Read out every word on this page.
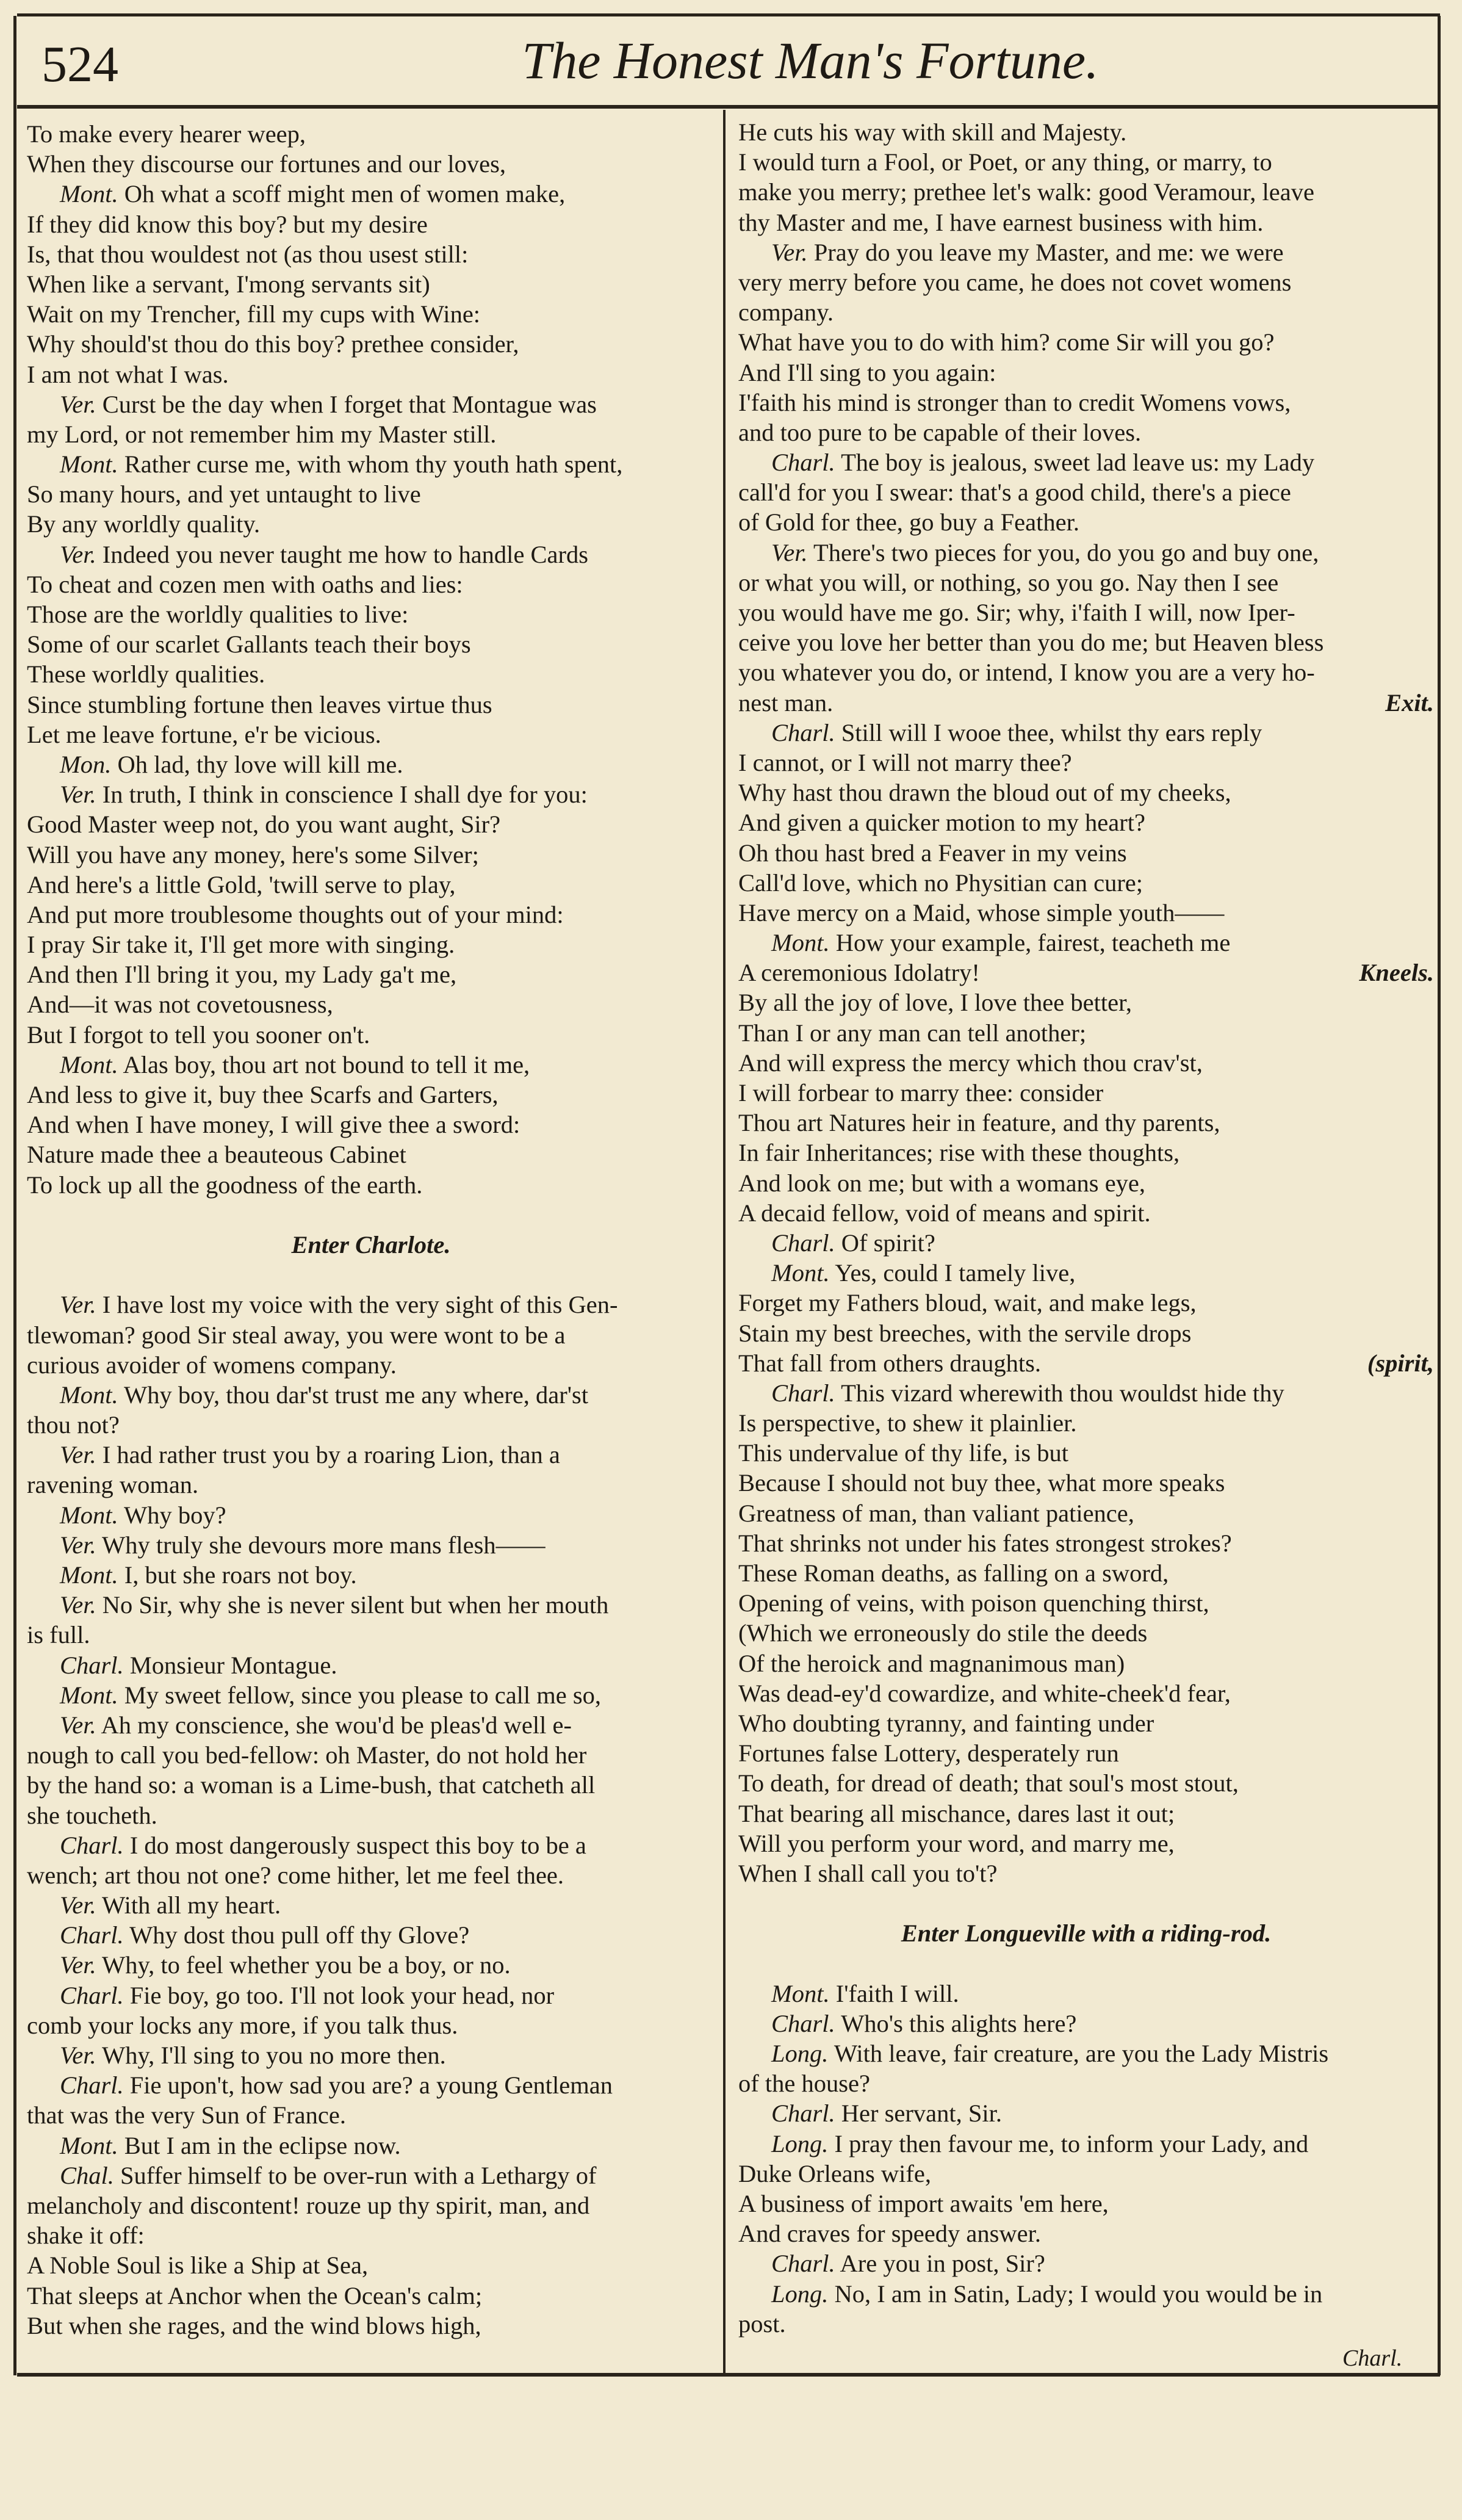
524	The Honest Man's Fortune.
To make every hearer weep,
When they discourse our fortunes and our loves,
Mont. Oh what a scoff might men of women make,
If they did know this boy? but my desire
Is, that thou wouldest not (as thou usest still:
When like a servant, I'mong servants sit)
Wait on my Trencher, fill my cups with Wine:
Why should'st thou do this boy? prethee consider,
I am not what I was.
Ver. Curst be the day when I forget that Montague was
my Lord, or not remember him my Master still.
Mont. Rather curse me, with whom thy youth hath spent,
So many hours, and yet untaught to live
By any worldly quality.
Ver. Indeed you never taught me how to handle Cards
To cheat and cozen men with oaths and lies:
Those are the worldly qualities to live:
Some of our scarlet Gallants teach their boys
These worldly qualities.
Since stumbling fortune then leaves virtue thus
Let me leave fortune, e'r be vicious.
Mon. Oh lad, thy love will kill me.
Ver. In truth, I think in conscience I shall dye for you:
Good Master weep not, do you want aught, Sir?
Will you have any money, here's some Silver;
And here's a little Gold, 'twill serve to play,
And put more troublesome thoughts out of your mind:
I pray Sir take it, I'll get more with singing.
And then I'll bring it you, my Lady ga't me,
And—it was not covetousness,
But I forgot to tell you sooner on't.
Mont. Alas boy, thou art not bound to tell it me,
And less to give it, buy thee Scarfs and Garters,
And when I have money, I will give thee a sword:
Nature made thee a beauteous Cabinet
To lock up all the goodness of the earth.
Enter Charlote.
Ver. I have lost my voice with the very sight of this Gen-
tlewoman? good Sir steal away, you were wont to be a
curious avoider of womens company.
Mont. Why boy, thou dar'st trust me any where, dar'st
thou not?
Ver. I had rather trust you by a roaring Lion, than a
ravening woman.
Mont. Why boy?
Ver. Why truly she devours more mans flesh——
Mont. I, but she roars not boy.
Ver. No Sir, why she is never silent but when her mouth
is full.
Charl. Monsieur Montague.
Mont. My sweet fellow, since you please to call me so,
Ver. Ah my conscience, she wou'd be pleas'd well e-
nough to call you bed-fellow: oh Master, do not hold her
by the hand so: a woman is a Lime-bush, that catcheth all
she toucheth.
Charl. I do most dangerously suspect this boy to be a
wench; art thou not one? come hither, let me feel thee.
Ver. With all my heart.
Charl. Why dost thou pull off thy Glove?
Ver. Why, to feel whether you be a boy, or no.
Charl. Fie boy, go too. I'll not look your head, nor
comb your locks any more, if you talk thus.
Ver. Why, I'll sing to you no more then.
Charl. Fie upon't, how sad you are? a young Gentleman
that was the very Sun of France.
Mont. But I am in the eclipse now.
Chal. Suffer himself to be over-run with a Lethargy of
melancholy and discontent! rouze up thy spirit, man, and
shake it off:
A Noble Soul is like a Ship at Sea,
That sleeps at Anchor when the Ocean's calm;
But when she rages, and the wind blows high,
He cuts his way with skill and Majesty.
I would turn a Fool, or Poet, or any thing, or marry, to
make you merry; prethee let's walk: good Veramour, leave
thy Master and me, I have earnest business with him.
Ver. Pray do you leave my Master, and me: we were
very merry before you came, he does not covet womens
company.
What have you to do with him? come Sir will you go?
And I'll sing to you again:
I'faith his mind is stronger than to credit Womens vows,
and too pure to be capable of their loves.
Charl. The boy is jealous, sweet lad leave us: my Lady
call'd for you I swear: that's a good child, there's a piece
of Gold for thee, go buy a Feather.
Ver. There's two pieces for you, do you go and buy one,
or what you will, or nothing, so you go. Nay then I see
you would have me go. Sir; why, i'faith I will, now Iper-
ceive you love her better than you do me; but Heaven bless
you whatever you do, or intend, I know you are a very ho-
Exit.
nest man.
Charl. Still will I wooe thee, whilst thy ears reply
I cannot, or I will not marry thee?
Why hast thou drawn the bloud out of my cheeks,
And given a quicker motion to my heart?
Oh thou hast bred a Feaver in my veins
Call'd love, which no Physitian can cure;
Have mercy on a Maid, whose simple youth——
Mont. How your example, fairest, teacheth me
Kneels.
A ceremonious Idolatry!
By all the joy of love, I love thee better,
Than I or any man can tell another;
And will express the mercy which thou crav'st,
I will forbear to marry thee: consider
Thou art Natures heir in feature, and thy parents,
In fair Inheritances; rise with these thoughts,
And look on me; but with a womans eye,
A decaid fellow, void of means and spirit.
Charl. Of spirit?
Mont. Yes, could I tamely live,
Forget my Fathers bloud, wait, and make legs,
Stain my best breeches, with the servile drops
(spirit,
That fall from others draughts.
Charl. This vizard wherewith thou wouldst hide thy
Is perspective, to shew it plainlier.
This undervalue of thy life, is but
Because I should not buy thee, what more speaks
Greatness of man, than valiant patience,
That shrinks not under his fates strongest strokes?
These Roman deaths, as falling on a sword,
Opening of veins, with poison quenching thirst,
(Which we erroneously do stile the deeds
Of the heroick and magnanimous man)
Was dead-ey'd cowardize, and white-cheek'd fear,
Who doubting tyranny, and fainting under
Fortunes false Lottery, desperately run
To death, for dread of death; that soul's most stout,
That bearing all mischance, dares last it out;
Will you perform your word, and marry me,
When I shall call you to't?
Enter Longueville with a riding-rod.
Mont. I'faith I will.
Charl. Who's this alights here?
Long. With leave, fair creature, are you the Lady Mistris
of the house?
Charl. Her servant, Sir.
Long. I pray then favour me, to inform your Lady, and
Duke Orleans wife,
A business of import awaits 'em here,
And craves for speedy answer.
Charl. Are you in post, Sir?
Long. No, I am in Satin, Lady; I would you would be in
post.
Charl.
